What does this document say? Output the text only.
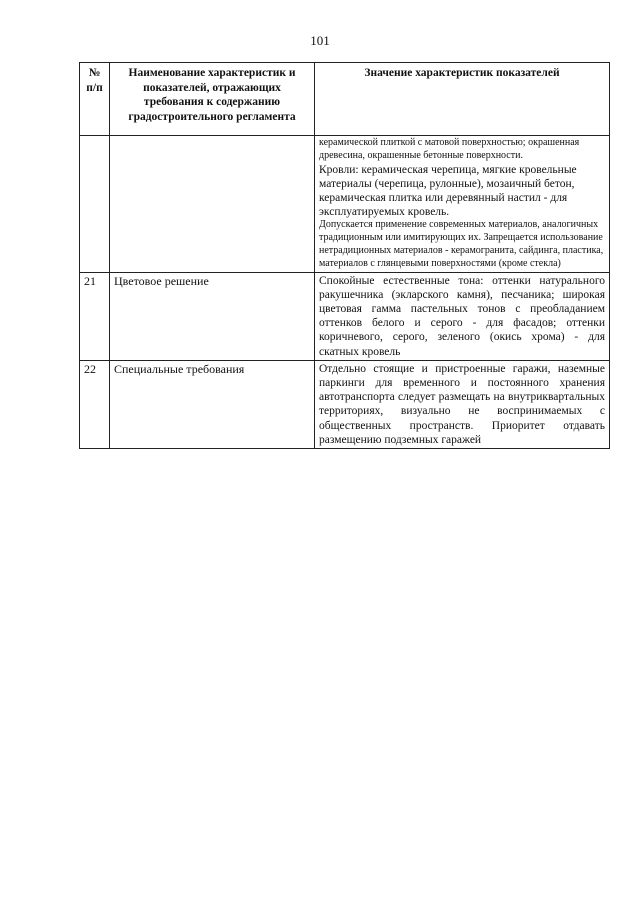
101
№ п/п	Наименование характеристик и показателей, отражающих требования к содержанию градостроительного регламента	Значение характеристик показателей

		керамической плиткой с матовой поверхностью; окрашенная древесина, окрашенные бетонные поверхности.

Кровли: керамическая черепица, мягкие кровельные материалы (черепица, рулонные), мозаичный бетон, керамическая плитка или деревянный настил - для эксплуатируемых кровель.

Допускается применение современных материалов, аналогичных традиционным или имитирующих их. Запрещается использование нетрадиционных материалов - керамогранита, сайдинга, пластика, материалов с глянцевыми поверхностями (кроме стекла)

21	Цветовое решение	Спокойные естественные тона: оттенки натурального ракушечника (экларского камня), песчаника; широкая цветовая гамма пастельных тонов с преобладанием оттенков белого и серого - для фасадов; оттенки коричневого, серого, зеленого (окись хрома) - для скатных кровель
22	Специальные требования	Отдельно стоящие и пристроенные гаражи, наземные паркинги для временного и постоянного хранения автотранспорта следует размещать на внутриквартальных территориях, визуально не воспринимаемых с общественных пространств. Приоритет отдавать размещению подземных гаражей
